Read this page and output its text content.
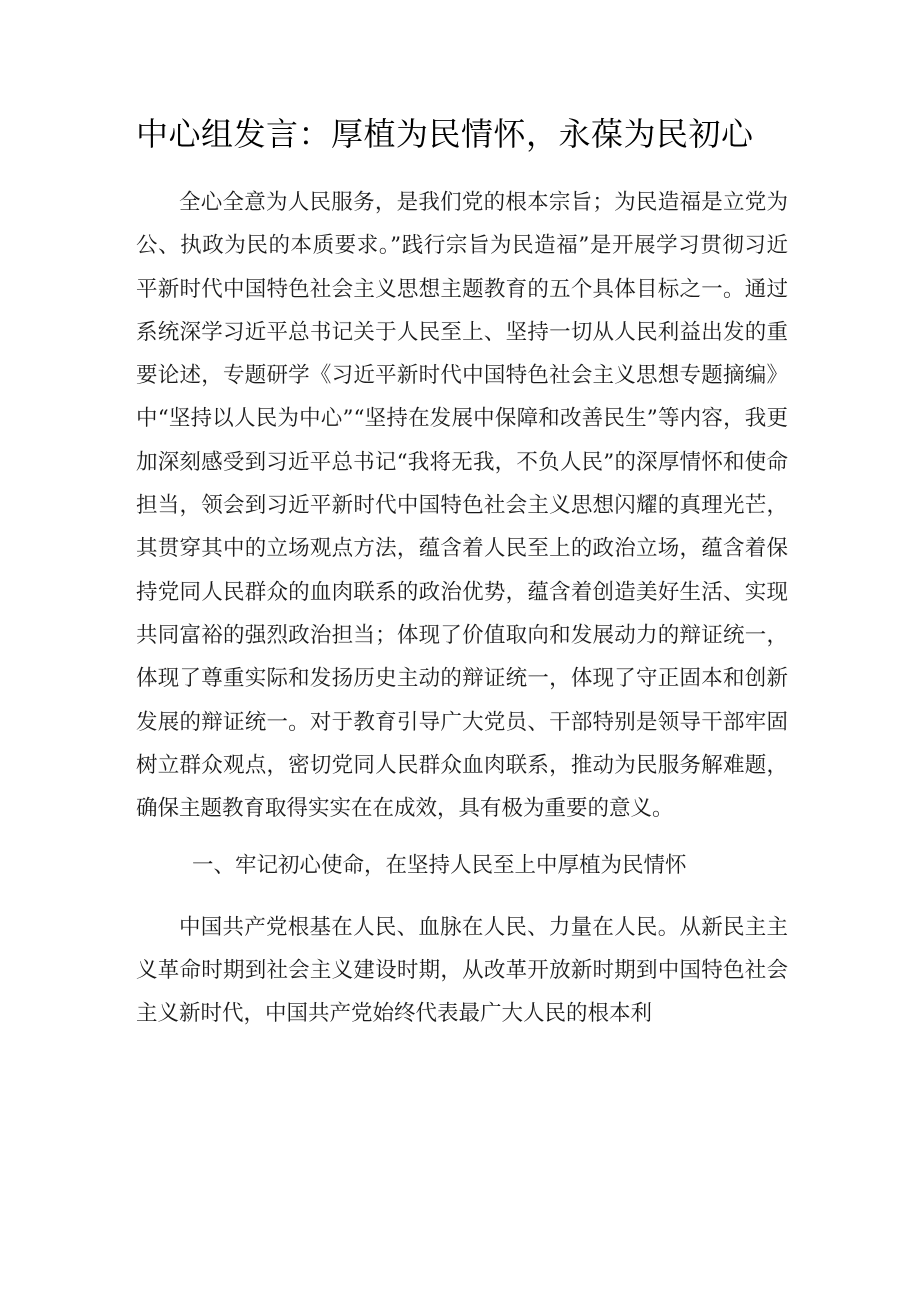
中心组发言：厚植为民情怀，永葆为民初心

全心全意为人民服务，是我们党的根本宗旨；为民造福是立党为公、执政为民的本质要求。”践行宗旨为民造福”是开展学习贯彻习近平新时代中国特色社会主义思想主题教育的五个具体目标之一。通过系统深学习近平总书记关于人民至上、坚持一切从人民利益出发的重要论述，专题研学《习近平新时代中国特色社会主义思想专题摘编》中“坚持以人民为中心”“坚持在发展中保障和改善民生”等内容，我更加深刻感受到习近平总书记“我将无我，不负人民”的深厚情怀和使命担当，领会到习近平新时代中国特色社会主义思想闪耀的真理光芒，其贯穿其中的立场观点方法，蕴含着人民至上的政治立场，蕴含着保持党同人民群众的血肉联系的政治优势，蕴含着创造美好生活、实现共同富裕的强烈政治担当；体现了价值取向和发展动力的辩证统一，体现了尊重实际和发扬历史主动的辩证统一，体现了守正固本和创新发展的辩证统一。对于教育引导广大党员、干部特别是领导干部牢固树立群众观点，密切党同人民群众血肉联系，推动为民服务解难题，确保主题教育取得实实在在成效，具有极为重要的意义。

一、牢记初心使命，在坚持人民至上中厚植为民情怀

中国共产党根基在人民、血脉在人民、力量在人民。从新民主主义革命时期到社会主义建设时期，从改革开放新时期到中国特色社会主义新时代，中国共产党始终代表最广大人民的根本利
